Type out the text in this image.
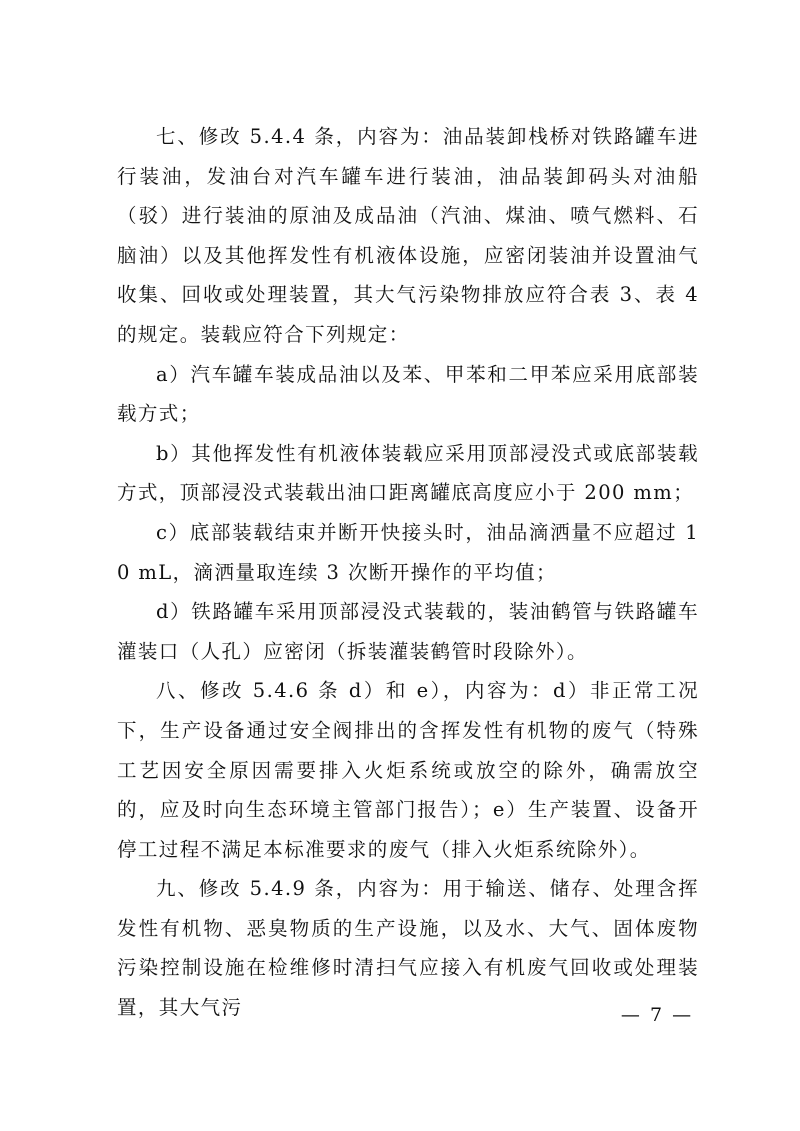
七、修改 5.4.4 条，内容为：油品装卸栈桥对铁路罐车进行装油，发油台对汽车罐车进行装油，油品装卸码头对油船（驳）进行装油的原油及成品油（汽油、煤油、喷气燃料、石脑油）以及其他挥发性有机液体设施，应密闭装油并设置油气收集、回收或处理装置，其大气污染物排放应符合表 3、表 4 的规定。装载应符合下列规定：

a）汽车罐车装成品油以及苯、甲苯和二甲苯应采用底部装载方式；

b）其他挥发性有机液体装载应采用顶部浸没式或底部装载方式，顶部浸没式装载出油口距离罐底高度应小于 200 mm；

c）底部装载结束并断开快接头时，油品滴洒量不应超过 10 mL，滴洒量取连续 3 次断开操作的平均值；

d）铁路罐车采用顶部浸没式装载的，装油鹤管与铁路罐车灌装口（人孔）应密闭（拆装灌装鹤管时段除外）。

八、修改 5.4.6 条 d）和 e），内容为：d）非正常工况下，生产设备通过安全阀排出的含挥发性有机物的废气（特殊工艺因安全原因需要排入火炬系统或放空的除外，确需放空的，应及时向生态环境主管部门报告）；e）生产装置、设备开停工过程不满足本标准要求的废气（排入火炬系统除外）。

九、修改 5.4.9 条，内容为：用于输送、储存、处理含挥发性有机物、恶臭物质的生产设施，以及水、大气、固体废物污染控制设施在检维修时清扫气应接入有机废气回收或处理装置，其大气污	— 7 —
